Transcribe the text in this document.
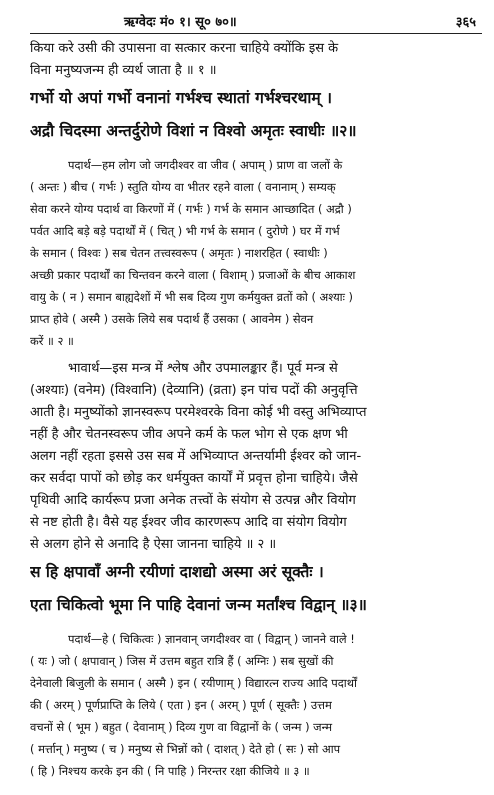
ऋग्वेदः मं० १। सू० ७०॥	३६५
किया करे उसी की उपासना वा सत्कार करना चाहिये क्योंकि इस के
विना मनुष्यजन्म ही व्यर्थ जाता है ॥ १ ॥
गर्भो यो अपां गर्भो वनानां गर्भश्च स्थातां गर्भश्चरथाम् ।
अद्रौ चिदस्मा अन्तर्दुरोणे विशां न विश्वो अमृतः स्वाधीः ॥२॥
पदार्थ—हम लोग जो जगदीश्वर वा जीव ( अपाम् ) प्राण वा जलों के
( अन्तः ) बीच ( गर्भः ) स्तुति योग्य वा भीतर रहने वाला ( वनानाम् ) सम्यक्
सेवा करने योग्य पदार्थ वा किरणों में ( गर्भः ) गर्भ के समान आच्छादित ( अद्रौ )
पर्वत आदि बड़े बड़े पदार्थों में ( चित् ) भी गर्भ के समान ( दुरोणे ) घर में गर्भ
के समान ( विश्वः ) सब चेतन तत्त्वस्वरूप ( अमृतः ) नाशरहित ( स्वाधीः )
अच्छी प्रकार पदार्थों का चिन्तवन करने वाला ( विशाम् ) प्रजाओं के बीच आकाश
वायु के ( न ) समान बाह्यदेशों में भी सब दिव्य गुण कर्मयुक्त व्रतों को ( अश्याः )
प्राप्त होवे ( अस्मै ) उसके लिये सब पदार्थ हैं उसका ( आवनेम ) सेवन
करें ॥ २ ॥
भावार्थ—इस मन्त्र में श्लेष और उपमालङ्कार हैं। पूर्व मन्त्र से
(अश्याः) (वनेम) (विश्वानि) (देव्यानि) (व्रता) इन पांच पदों की अनुवृत्ति
आती है। मनुष्योंको ज्ञानस्वरूप परमेश्वरके विना कोई भी वस्तु अभिव्याप्त
नहीं है और चेतनस्वरूप जीव अपने कर्म के फल भोग से एक क्षण भी
अलग नहीं रहता इससे उस सब में अभिव्याप्त अन्तर्यामी ईश्वर को जान-
कर सर्वदा पापों को छोड़ कर धर्मयुक्त कार्यों में प्रवृत्त होना चाहिये। जैसे
पृथिवी आदि कार्यरूप प्रजा अनेक तत्त्वों के संयोग से उत्पन्न और वियोग
से नष्ट होती है। वैसे यह ईश्वर जीव कारणरूप आदि वा संयोग वियोग
से अलग होने से अनादि है ऐसा जानना चाहिये ॥ २ ॥
स हि क्षपावाँ अग्नी रयीणां दाशद्यो अस्मा अरं सूक्तैः ।
एता चिकित्वो भूमा नि पाहि देवानां जन्म मर्तांश्च विद्वान् ॥३॥
पदार्थ—हे ( चिकित्वः ) ज्ञानवान् जगदीश्वर वा ( विद्वान् ) जानने वाले !
( यः ) जो ( क्षपावान् ) जिस में उत्तम बहुत रात्रि हैं ( अग्निः ) सब सुखों की
देनेवाली बिजुली के समान ( अस्मै ) इन ( रयीणाम् ) विद्यारत्न राज्य आदि पदार्थों
की ( अरम् ) पूर्णप्राप्ति के लिये ( एता ) इन ( अरम् ) पूर्ण ( सूक्तैः ) उत्तम
वचनों से ( भूम ) बहुत ( देवानाम् ) दिव्य गुण वा विद्वानों के ( जन्म ) जन्म
( मर्त्तान् ) मनुष्य ( च ) मनुष्य से भिन्नों को ( दाशत् ) देते हो ( सः ) सो आप
( हि ) निश्चय करके इन की ( नि पाहि ) निरन्तर रक्षा कीजिये ॥ ३ ॥
